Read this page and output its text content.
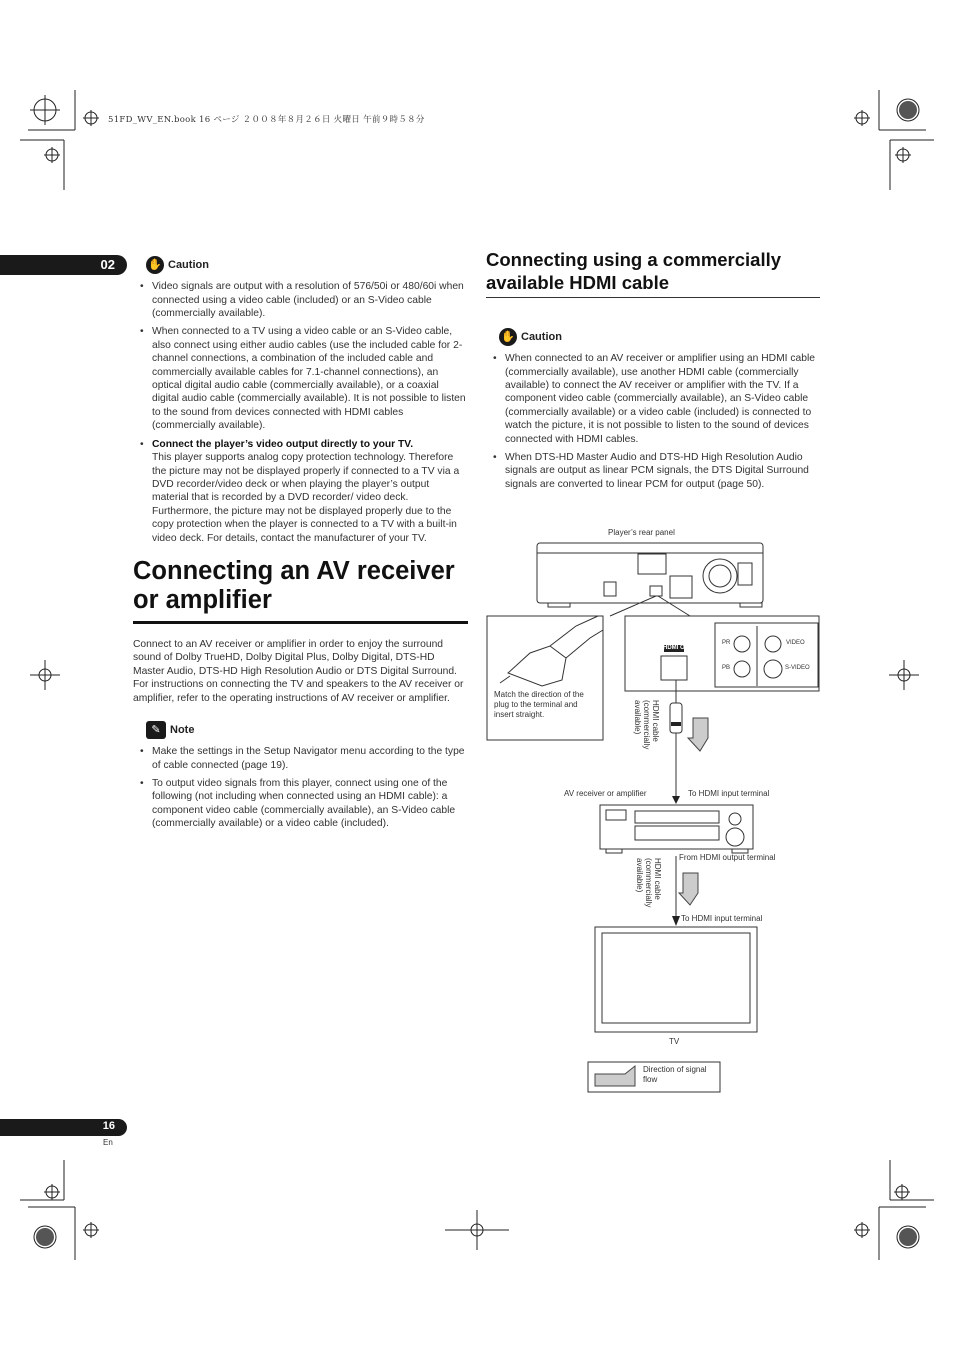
51FD_WV_EN.book 16 ページ ２００８年８月２６日 火曜日 午前９時５８分
02	✋ Caution
• Video signals are output with a resolution of 576/50i or 480/60i when connected using a video cable (included) or an S-Video cable (commercially available).
• When connected to a TV using a video cable or an S-Video cable, also connect using either audio cables (use the included cable for 2-channel connections, a combination of the included cable and commercially available cables for 7.1-channel connections), an optical digital audio cable (commercially available), or a coaxial digital audio cable (commercially available). It is not possible to listen to the sound from devices connected with HDMI cables (commercially available).
• Connect the player’s video output directly to your TV.
This player supports analog copy protection technology. Therefore the picture may not be displayed properly if connected to a TV via a DVD recorder/video deck or when playing the player’s output material that is recorded by a DVD recorder/ video deck. Furthermore, the picture may not be displayed properly due to the copy protection when the player is connected to a TV with a built-in video deck. For details, contact the manufacturer of your TV.
Connecting an AV receiver or amplifier
Connect to an AV receiver or amplifier in order to enjoy the surround sound of Dolby TrueHD, Dolby Digital Plus, Dolby Digital, DTS-HD Master Audio, DTS-HD High Resolution Audio or DTS Digital Surround. For instructions on connecting the TV and speakers to the AV receiver or amplifier, refer to the operating instructions of AV receiver or amplifier.
✎ Note
• Make the settings in the Setup Navigator menu according to the type of cable connected (page 19).
• To output video signals from this player, connect using one of the following (not including when connected using an HDMI cable): a component video cable (commercially available), an S-Video cable (commercially available) or a video cable (included).
Connecting using a commercially available HDMI cable
✋ Caution
• When connected to an AV receiver or amplifier using an HDMI cable (commercially available), use another HDMI cable (commercially available) to connect the AV receiver or amplifier with the TV. If a component video cable (commercially available), an S-Video cable (commercially available) or a video cable (included) is connected to watch the picture, it is not possible to listen to the sound of devices connected with HDMI cables.
• When DTS-HD Master Audio and DTS-HD High Resolution Audio signals are output as linear PCM signals, the DTS Digital Surround signals are converted to linear PCM for output (page 50).
Player’s rear panel
HDMI OUT
PR
PB
VIDEO
S-VIDEO
Match the direction of the plug to the terminal and insert straight.	HDMI cable (commercially available)
AV receiver or amplifier	To HDMI input terminal
From HDMI output terminal
HDMI cable (commercially available)
To HDMI input terminal
TV
Direction of signal flow
16
En
